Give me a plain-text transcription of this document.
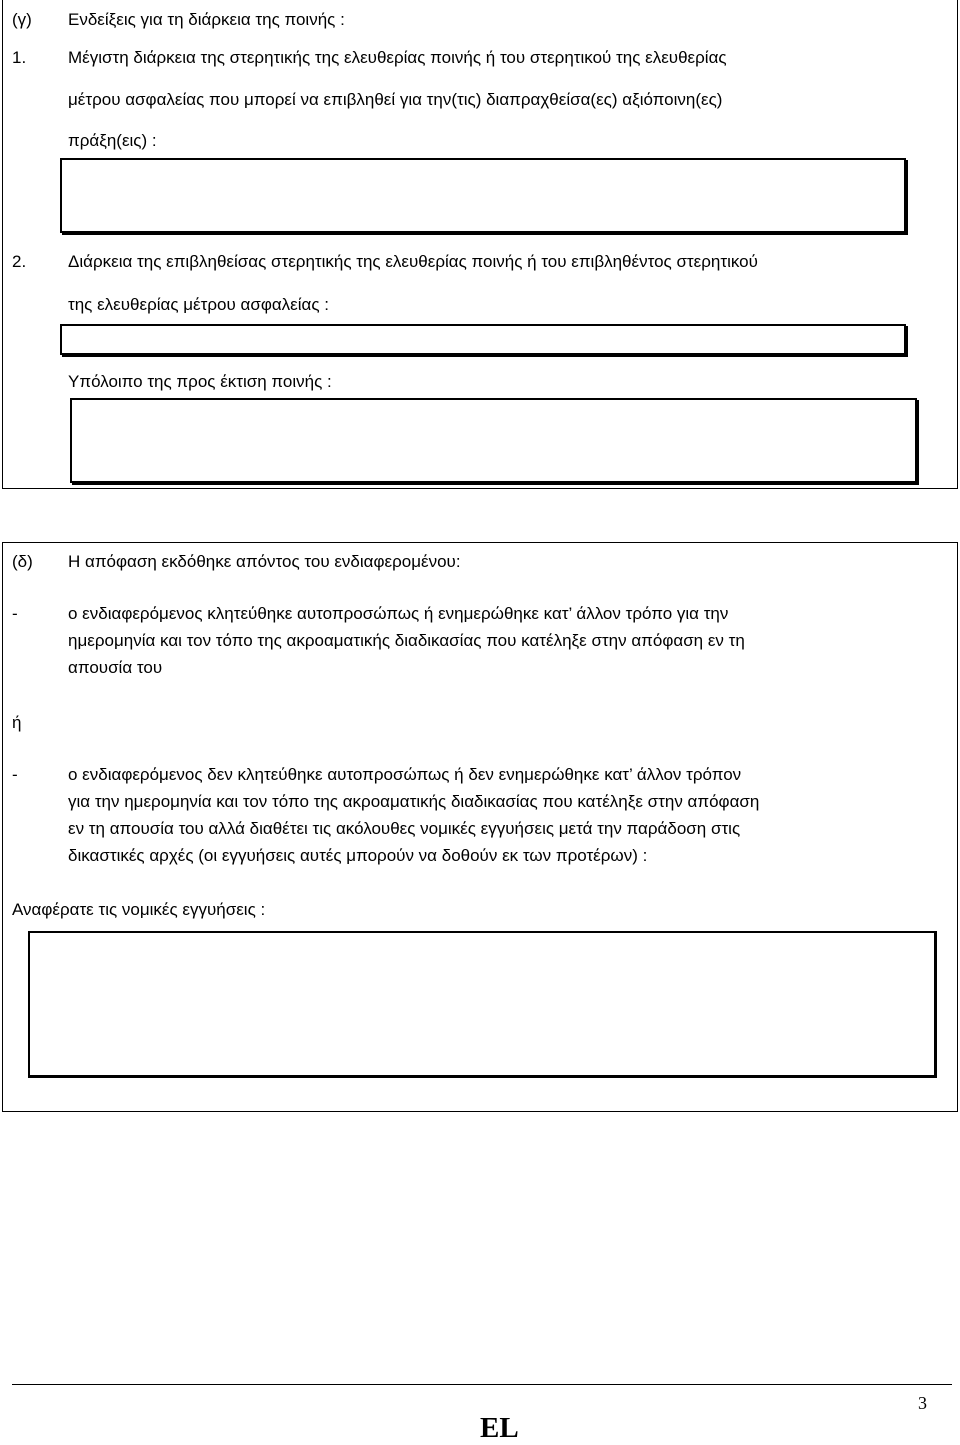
(γ) Ενδείξεις για τη διάρκεια της ποινής :
1. Μέγιστη διάρκεια της στερητικής της ελευθερίας ποινής ή του στερητικού της ελευθερίας
μέτρου ασφαλείας που μπορεί να επιβληθεί για την(τις) διαπραχθείσα(ες) αξιόποινη(ες)
πράξη(εις) :
2. Διάρκεια της επιβληθείσας στερητικής της ελευθερίας ποινής ή του επιβληθέντος στερητικού
της ελευθερίας μέτρου ασφαλείας :
Υπόλοιπο της προς έκτιση ποινής :
(δ) Η απόφαση εκδόθηκε απόντος του ενδιαφερομένου:
-	ο ενδιαφερόμενος κλητεύθηκε αυτοπροσώπως ή ενημερώθηκε κατ’ άλλον τρόπο για την
ημερομηνία και τον τόπο της ακροαματικής διαδικασίας που κατέληξε στην απόφαση εν τη
απουσία του
ή
-	ο ενδιαφερόμενος δεν κλητεύθηκε αυτοπροσώπως ή δεν ενημερώθηκε κατ’ άλλον τρόπον
για την ημερομηνία και τον τόπο της ακροαματικής διαδικασίας που κατέληξε στην απόφαση
εν τη απουσία του αλλά διαθέτει τις ακόλουθες νομικές εγγυήσεις μετά την παράδοση στις
δικαστικές αρχές (οι εγγυήσεις αυτές μπορούν να δοθούν εκ των προτέρων) :
Αναφέρατε τις νομικές εγγυήσεις :
3
EL
